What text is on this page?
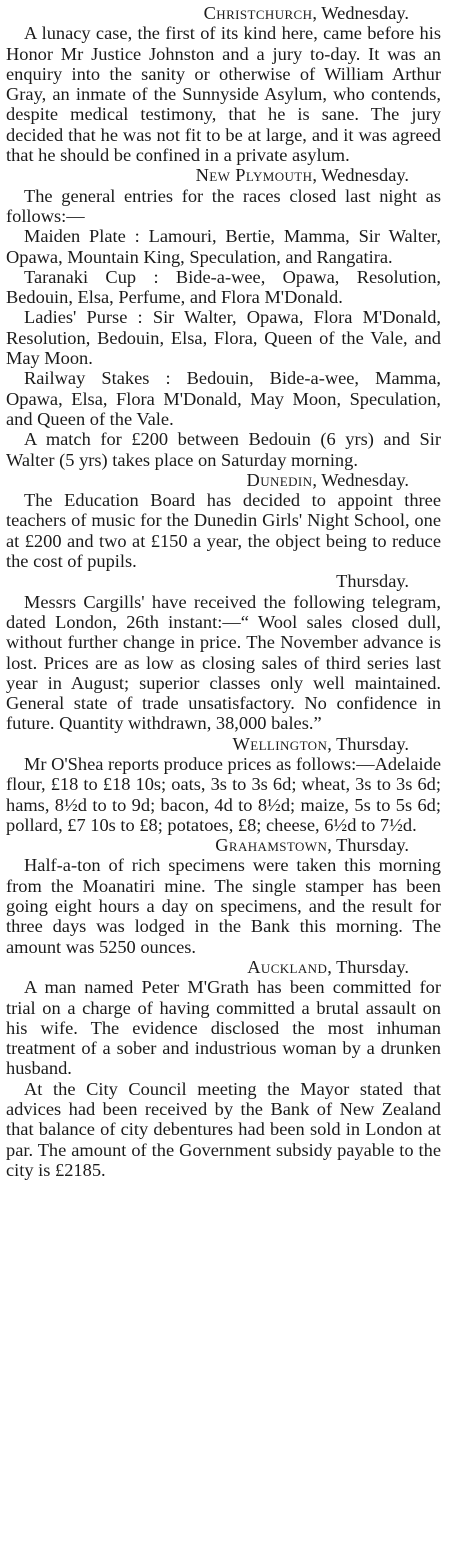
Christchurch, Wednesday.

A lunacy case, the first of its kind here, came before his Honor Mr Justice Johnston and a jury to-day. It was an enquiry into the sanity or otherwise of William Arthur Gray, an inmate of the Sunnyside Asylum, who contends, despite medical testimony, that he is sane. The jury decided that he was not fit to be at large, and it was agreed that he should be confined in a private asylum.

New Plymouth, Wednesday.

The general entries for the races closed last night as follows:—

Maiden Plate : Lamouri, Bertie, Mamma, Sir Walter, Opawa, Mountain King, Speculation, and Rangatira.

Taranaki Cup : Bide-a-wee, Opawa, Resolution, Bedouin, Elsa, Perfume, and Flora M'Donald.

Ladies' Purse : Sir Walter, Opawa, Flora M'Donald, Resolution, Bedouin, Elsa, Flora, Queen of the Vale, and May Moon.

Railway Stakes : Bedouin, Bide-a-wee, Mamma, Opawa, Elsa, Flora M'Donald, May Moon, Speculation, and Queen of the Vale.

A match for £200 between Bedouin (6 yrs) and Sir Walter (5 yrs) takes place on Saturday morning.

Dunedin, Wednesday.

The Education Board has decided to appoint three teachers of music for the Dunedin Girls' Night School, one at £200 and two at £150 a year, the object being to reduce the cost of pupils.

Thursday.

Messrs Cargills' have received the following telegram, dated London, 26th instant:—“ Wool sales closed dull, without further change in price. The November advance is lost. Prices are as low as closing sales of third series last year in August; superior classes only well maintained. General state of trade unsatisfactory. No confidence in future. Quantity withdrawn, 38,000 bales.”

Wellington, Thursday.

Mr O'Shea reports produce prices as follows:—Adelaide flour, £18 to £18 10s; oats, 3s to 3s 6d; wheat, 3s to 3s 6d; hams, 8½d to to 9d; bacon, 4d to 8½d; maize, 5s to 5s 6d; pollard, £7 10s to £8; potatoes, £8; cheese, 6½d to 7½d.

Grahamstown, Thursday.

Half-a-ton of rich specimens were taken this morning from the Moanatiri mine. The single stamper has been going eight hours a day on specimens, and the result for three days was lodged in the Bank this morning. The amount was 5250 ounces.

Auckland, Thursday.

A man named Peter M'Grath has been committed for trial on a charge of having committed a brutal assault on his wife. The evidence disclosed the most inhuman treatment of a sober and industrious woman by a drunken husband.

At the City Council meeting the Mayor stated that advices had been received by the Bank of New Zealand that balance of city debentures had been sold in London at par. The amount of the Government subsidy payable to the city is £2185.
